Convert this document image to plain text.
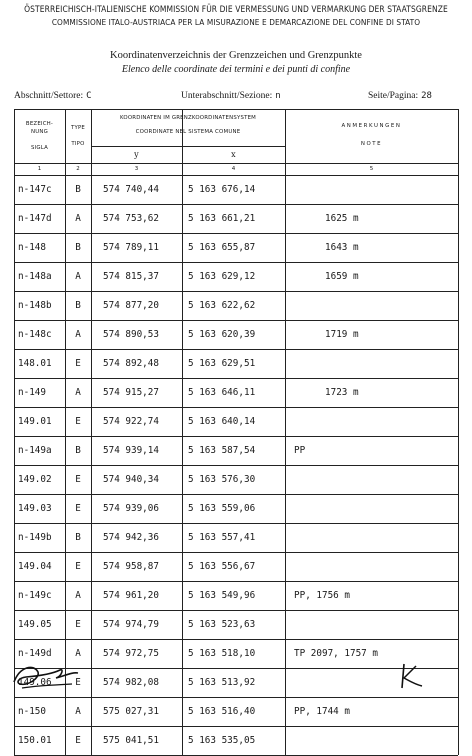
ÖSTERREICHISCH-ITALIENISCHE KOMMISSION FÜR DIE VERMESSUNG UND VERMARKUNG DER STAATSGRENZE
COMMISSIONE ITALO-AUSTRIACA PER LA MISURAZIONE E DEMARCAZIONE DEL CONFINE DI STATO
Koordinatenverzeichnis der Grenzzeichen und Grenzpunkte
Elenco delle coordinate dei termini e dei punti di confine
Abschnitt/Settore: C	Unterabschnitt/Sezione: n	Seite/Pagina: 28
BEZEICH-
NUNG

SIGLA
TYPE

TIPO
KOORDINATEN IM GRENZKOORDINATENSYSTEM
COORDINATE NEL SISTEMA COMUNE
y	x
ANMERKUNGEN
NOTE
1	2	3	4	5
n-147c	B	574 740,44	5 163 676,14
n-147d	A	574 753,62	5 163 661,21	1625 m
n-148	B	574 789,11	5 163 655,87	1643 m
n-148a	A	574 815,37	5 163 629,12	1659 m
n-148b	B	574 877,20	5 163 622,62
n-148c	A	574 890,53	5 163 620,39	1719 m
148.01	E	574 892,48	5 163 629,51
n-149	A	574 915,27	5 163 646,11	1723 m
149.01	E	574 922,74	5 163 640,14
n-149a	B	574 939,14	5 163 587,54	PP
149.02	E	574 940,34	5 163 576,30
149.03	E	574 939,06	5 163 559,06
n-149b	B	574 942,36	5 163 557,41
149.04	E	574 958,87	5 163 556,67
n-149c	A	574 961,20	5 163 549,96	PP, 1756 m
149.05	E	574 974,79	5 163 523,63
n-149d	A	574 972,75	5 163 518,10	TP 2097, 1757 m
149.06	E	574 982,08	5 163 513,92
n-150	A	575 027,31	5 163 516,40	PP, 1744 m
150.01	E	575 041,51	5 163 535,05
